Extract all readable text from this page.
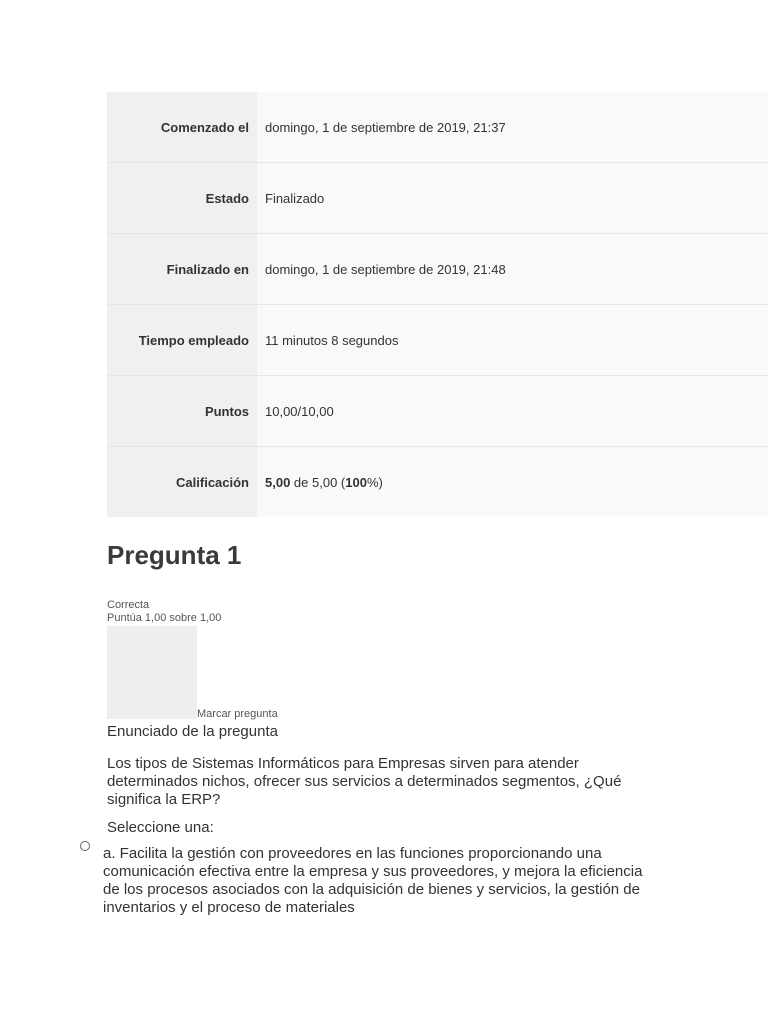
Comenzado el	domingo, 1 de septiembre de 2019, 21:37
Estado	Finalizado
Finalizado en	domingo, 1 de septiembre de 2019, 21:48
Tiempo empleado	11 minutos 8 segundos
Puntos	10,00/10,00
Calificación	5,00 de 5,00 ( 100 %)
Pregunta 1
Correcta
Puntúa 1,00 sobre 1,00
Marcar pregunta
Enunciado de la pregunta

Los tipos de Sistemas Informáticos para Empresas sirven para atender determinados nichos, ofrecer sus servicios a determinados segmentos, ¿Qué significa la ERP?

Seleccione una:

a. Facilita la gestión con proveedores en las funciones proporcionando una comunicación efectiva entre la empresa y sus proveedores, y mejora la eficiencia de los procesos asociados con la adquisición de bienes y servicios, la gestión de inventarios y el proceso de materiales
